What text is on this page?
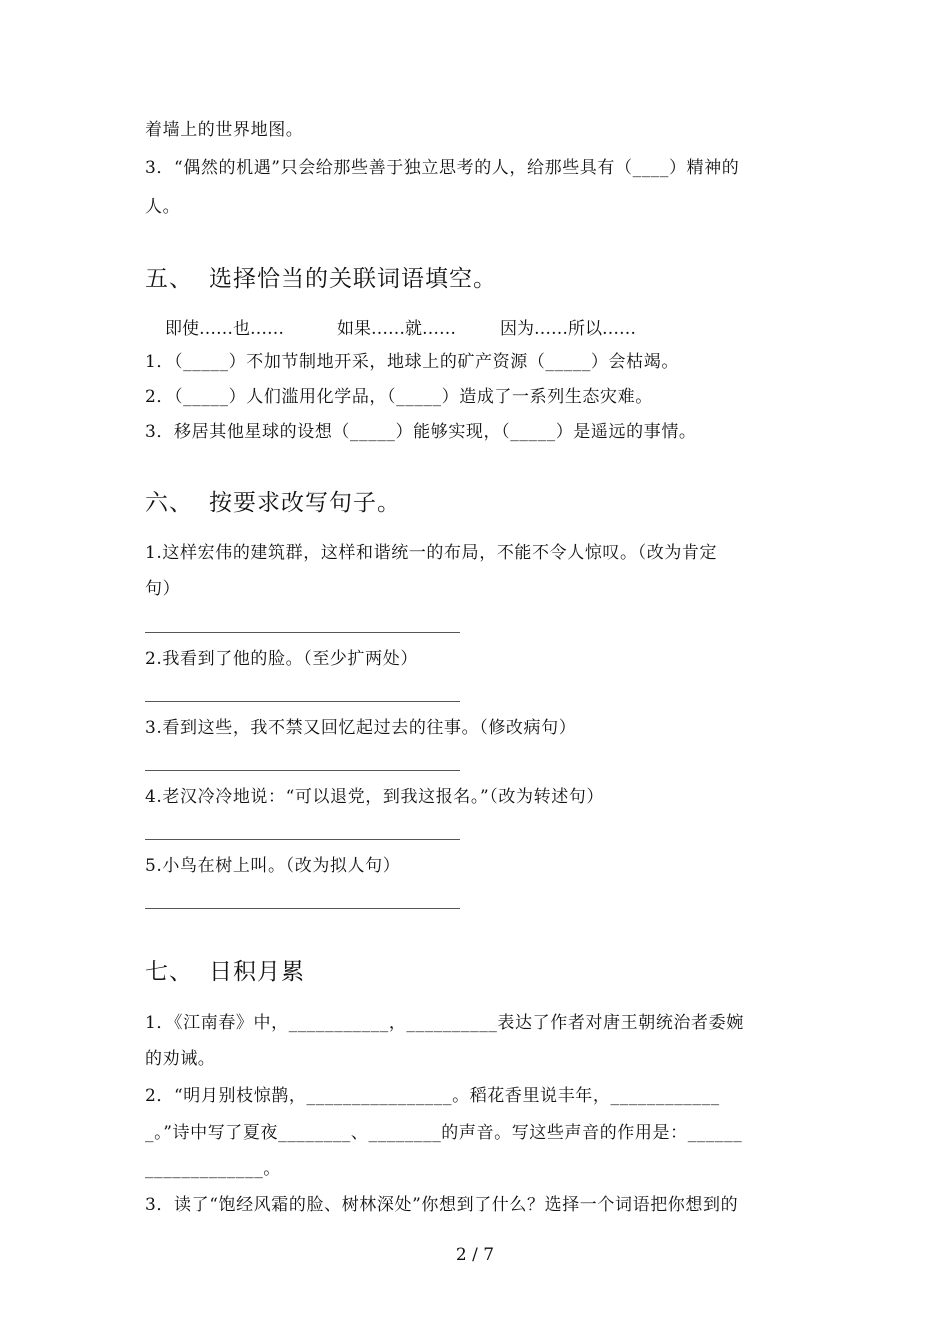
着墙上的世界地图。
3．“偶然的机遇”只会给那些善于独立思考的人，给那些具有（____）精神的
人。
五、 选择恰当的关联词语填空。
即使……也……	如果……就……	因为……所以……
1．（_____）不加节制地开采，地球上的矿产资源（_____）会枯竭。
2．（_____）人们滥用化学品，（_____）造成了一系列生态灾难。
3．移居其他星球的设想（_____）能够实现，（_____）是遥远的事情。
六、 按要求改写句子。
1.这样宏伟的建筑群，这样和谐统一的布局，不能不令人惊叹。（改为肯定
句）
2.我看到了他的脸。（至少扩两处）
3.看到这些，我不禁又回忆起过去的往事。（修改病句）
4.老汉冷冷地说：“可以退党，到我这报名。”（改为转述句）
5.小鸟在树上叫。（改为拟人句）
七、 日积月累
1．《江南春》中，___________，__________表达了作者对唐王朝统治者委婉
的劝诫。
2．“明月别枝惊鹊，________________。稻花香里说丰年，____________
_。”诗中写了夏夜________、________的声音。写这些声音的作用是：______
_____________。
3．读了“饱经风霜的脸、树林深处”你想到了什么？选择一个词语把你想到的
2 / 7
